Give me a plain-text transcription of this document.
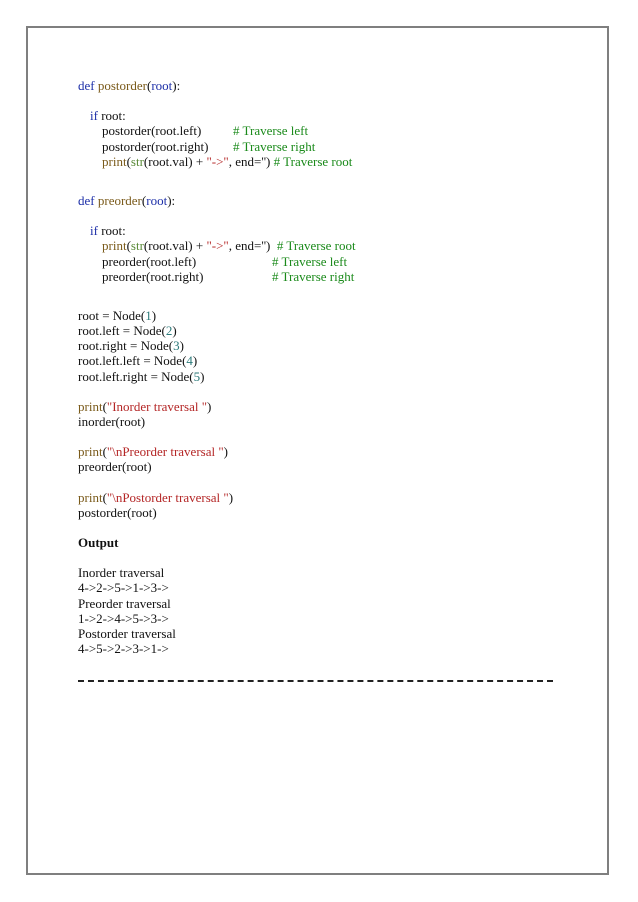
def postorder(root):
if root:
postorder(root.left) # Traverse left
postorder(root.right) # Traverse right
print(str(root.val) + "->", end='') # Traverse root
def preorder(root):
if root:
print(str(root.val) + "->", end='')  # Traverse root
preorder(root.left)	# Traverse left
preorder(root.right)	# Traverse right
root = Node(1)
root.left = Node(2)
root.right = Node(3)
root.left.left = Node(4)
root.left.right = Node(5)
print("Inorder traversal ")
inorder(root)
print("\nPreorder traversal ")
preorder(root)
print("\nPostorder traversal ")
postorder(root)
Output
Inorder traversal
4->2->5->1->3->
Preorder traversal
1->2->4->5->3->
Postorder traversal
4->5->2->3->1->
